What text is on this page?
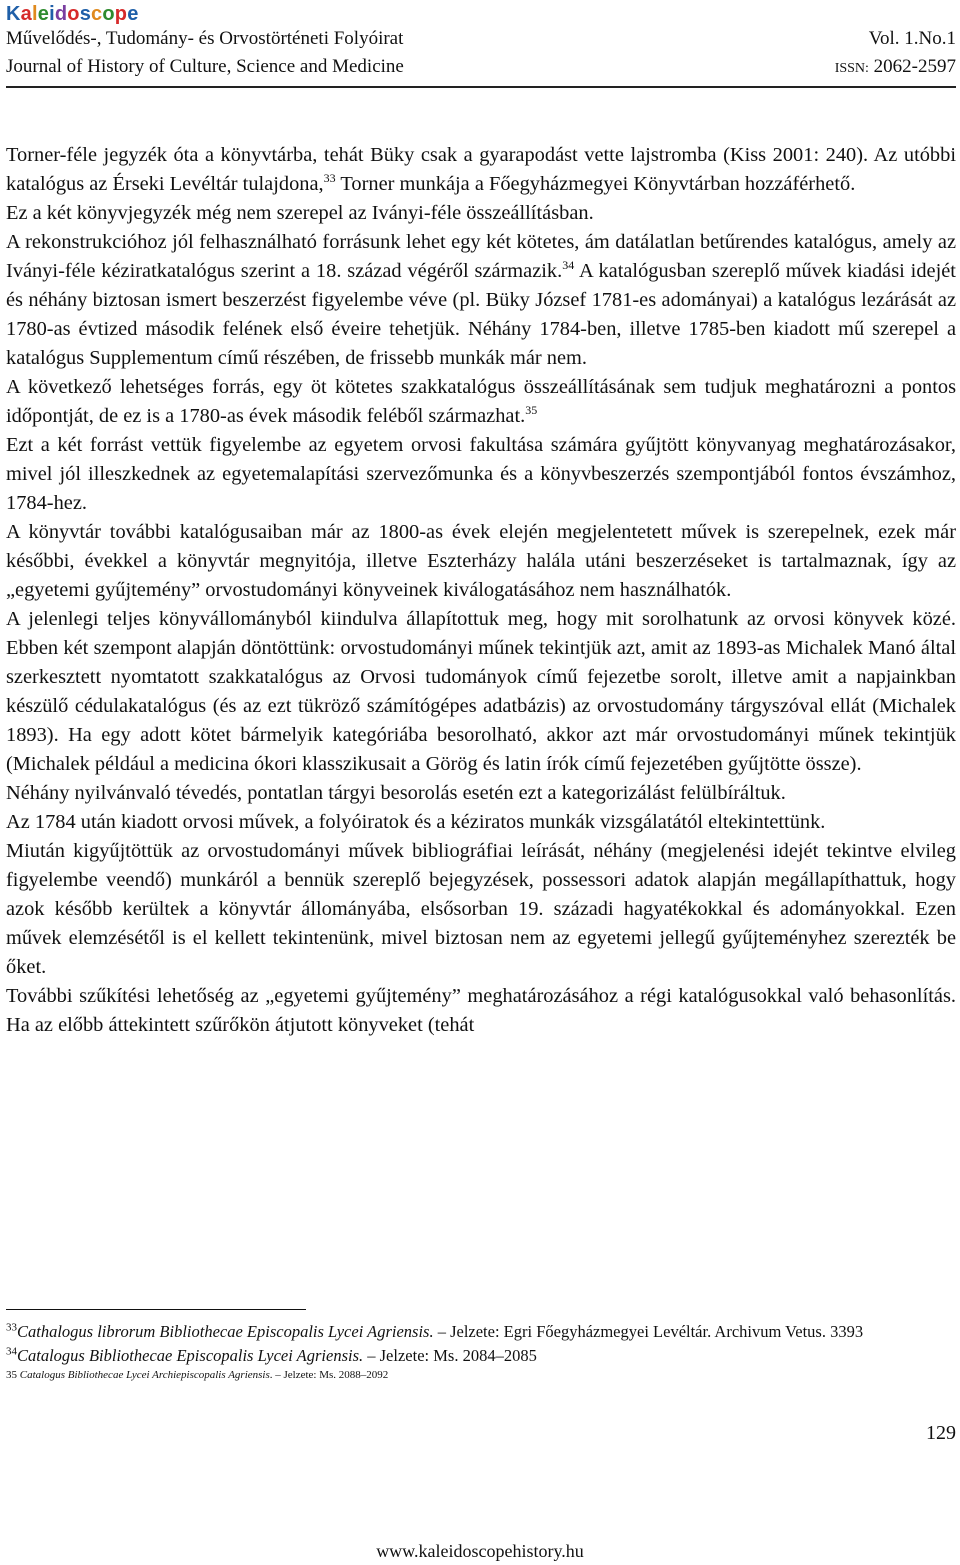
Kaleidoscope
Művelődés-, Tudomány- és Orvostörténeti Folyóirat
Journal of History of Culture, Science and Medicine
Vol. 1.No.1
ISSN: 2062-2597

Torner-féle jegyzék óta a könyvtárba, tehát Büky csak a gyarapodást vette lajstromba (Kiss 2001: 240). Az utóbbi katalógus az Érseki Levéltár tulajdona,$^{33}$ Torner munkája a Főegyházmegyei Könyvtárban hozzáférhető.

Ez a két könyvjegyzék még nem szerepel az Iványi-féle összeállításban.

A rekonstrukcióhoz jól felhasználható forrásunk lehet egy két kötetes, ám datálatlan betűrendes katalógus, amely az Iványi-féle kéziratkatalógus szerint a 18. század végéről származik.$^{34}$ A katalógusban szereplő művek kiadási idejét és néhány biztosan ismert beszerzést figyelembe véve (pl. Büky József 1781-es adományai) a katalógus lezárását az 1780-as évtized második felének első éveire tehetjük. Néhány 1784-ben, illetve 1785-ben kiadott mű szerepel a katalógus Supplementum című részében, de frissebb munkák már nem.

A következő lehetséges forrás, egy öt kötetes szakkatalógus összeállításának sem tudjuk meghatározni a pontos időpontját, de ez is a 1780-as évek második feléből származhat.$^{35}$

Ezt a két forrást vettük figyelembe az egyetem orvosi fakultása számára gyűjtött könyvanyag meghatározásakor, mivel jól illeszkednek az egyetemalapítási szervezőmunka és a könyvbeszerzés szempontjából fontos évszámhoz, 1784-hez.

A könyvtár további katalógusaiban már az 1800-as évek elején megjelentetett művek is szerepelnek, ezek már későbbi, évekkel a könyvtár megnyitója, illetve Eszterházy halála utáni beszerzéseket is tartalmaznak, így az „egyetemi gyűjtemény” orvostudományi könyveinek kiválogatásához nem használhatók.

A jelenlegi teljes könyvállományból kiindulva állapítottuk meg, hogy mit sorolhatunk az orvosi könyvek közé. Ebben két szempont alapján döntöttünk: orvostudományi műnek tekintjük azt, amit az 1893-as Michalek Manó által szerkesztett nyomtatott szakkatalógus az Orvosi tudományok című fejezetbe sorolt, illetve amit a napjainkban készülő cédulakatalógus (és az ezt tükröző számítógépes adatbázis) az orvostudomány tárgyszóval ellát (Michalek 1893). Ha egy adott kötet bármelyik kategóriába besorolható, akkor azt már orvostudományi műnek tekintjük (Michalek például a medicina ókori klasszikusait a Görög és latin írók című fejezetében gyűjtötte össze).

Néhány nyilvánvaló tévedés, pontatlan tárgyi besorolás esetén ezt a kategorizálást felülbíráltuk.

Az 1784 után kiadott orvosi művek, a folyóiratok és a kéziratos munkák vizsgálatától eltekintettünk.

Miután kigyűjtöttük az orvostudományi művek bibliográfiai leírását, néhány (megjelenési idejét tekintve elvileg figyelembe veendő) munkáról a bennük szereplő bejegyzések, possessori adatok alapján megállapíthattuk, hogy azok később kerültek a könyvtár állományába, elsősorban 19. századi hagyatékokkal és adományokkal. Ezen művek elemzésétől is el kellett tekintenünk, mivel biztosan nem az egyetemi jellegű gyűjteményhez szerezték be őket.

További szűkítési lehetőség az „egyetemi gyűjtemény” meghatározásához a régi katalógusokkal való behasonlítás. Ha az előbb áttekintett szűrőkön átjutott könyveket (tehát

$^{33}$Cathalogus librorum Bibliothecae Episcopalis Lycei Agriensis. – Jelzete: Egri Főegyházmegyei Levéltár. Archivum Vetus. 3393

$^{34}$Catalogus Bibliothecae Episcopalis Lycei Agriensis. – Jelzete: Ms. 2084–2085

35 Catalogus Bibliothecae Lycei Archiepiscopalis Agriensis. – Jelzete: Ms. 2088–2092

129
www.kaleidoscopehistory.hu
